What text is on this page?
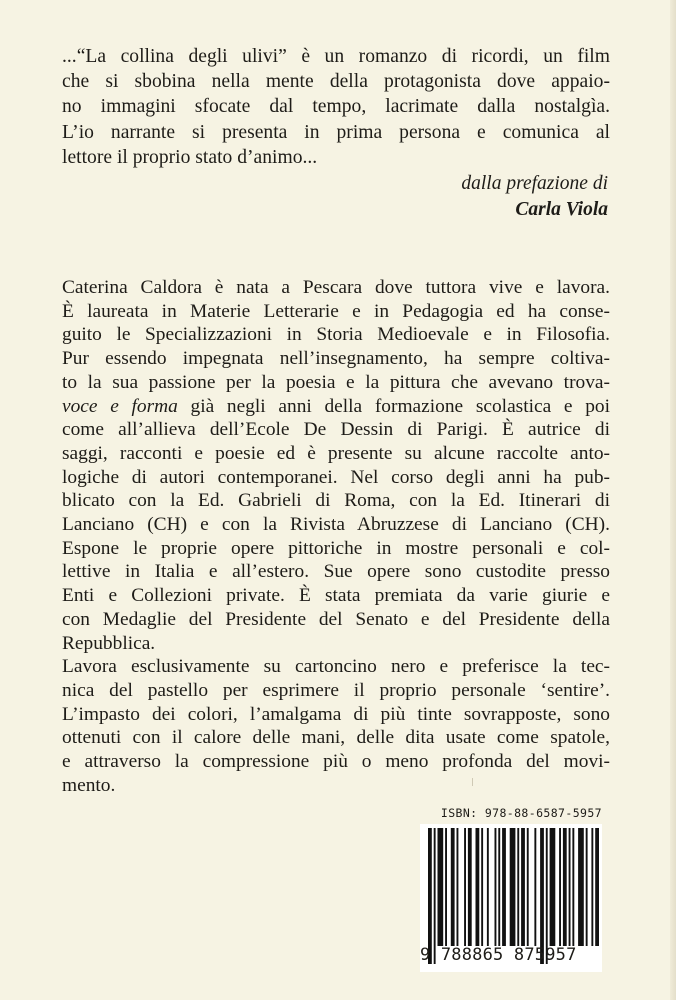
...“La collina degli ulivi” è un romanzo di ricordi, un film
che si sbobina nella mente della protagonista dove appaio-
no immagini sfocate dal tempo, lacrimate dalla nostalgìa.
L’io narrante si presenta in prima persona e comunica al
lettore il proprio stato d’animo...
dalla prefazione di
Carla Viola
Caterina Caldora è nata a Pescara dove tuttora vive e lavora.
È laureata in Materie Letterarie e in Pedagogia ed ha conse-
guito le Specializzazioni in Storia Medioevale e in Filosofia.
Pur essendo impegnata nell’insegnamento, ha sempre coltiva-
to la sua passione per la poesia e la pittura che avevano trova-
voce e forma già negli anni della formazione scolastica e poi
come all’allieva dell’Ecole De Dessin di Parigi. È autrice di
saggi, racconti e poesie ed è presente su alcune raccolte anto-
logiche di autori contemporanei. Nel corso degli anni ha pub-
blicato con la Ed. Gabrieli di Roma, con la Ed. Itinerari di
Lanciano (CH) e con la Rivista Abruzzese di Lanciano (CH).
Espone le proprie opere pittoriche in mostre personali e col-
lettive in Italia e all’estero. Sue opere sono custodite presso
Enti e Collezioni private. È stata premiata da varie giurie e
con Medaglie del Presidente del Senato e del Presidente della
Repubblica.
Lavora esclusivamente su cartoncino nero e preferisce la tec-
nica del pastello per esprimere il proprio personale ‘sentire’.
L’impasto dei colori, l’amalgama di più tinte sovrapposte, sono
ottenuti con il calore delle mani, delle dita usate come spatole,
e attraverso la compressione più o meno profonda del movi-
mento.
ISBN: 978-88-6587-5957
9 788865 875957
